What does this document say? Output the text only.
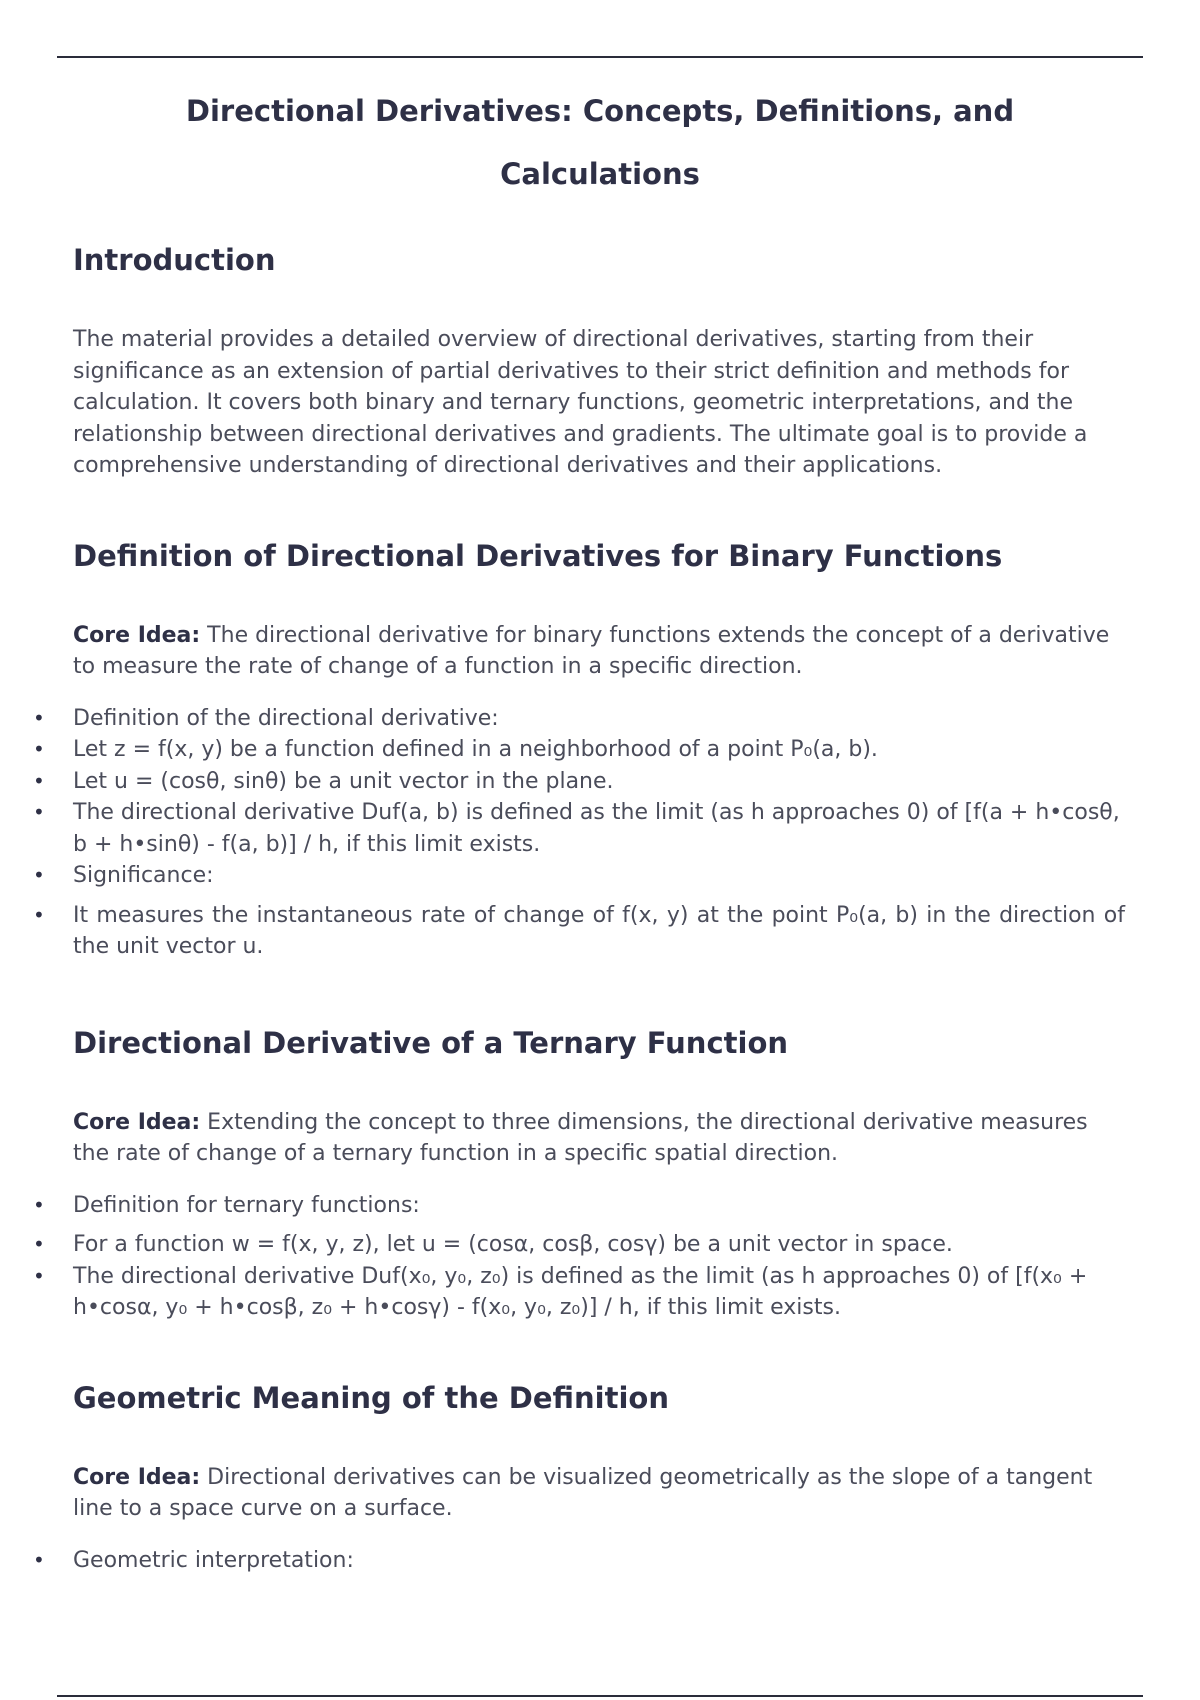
Directional Derivatives: Concepts, Definitions, and Calculations
Introduction

The material provides a detailed overview of directional derivatives, starting from their significance as an extension of partial derivatives to their strict definition and methods for calculation. It covers both binary and ternary functions, geometric interpretations, and the relationship between directional derivatives and gradients. The ultimate goal is to provide a comprehensive understanding of directional derivatives and their applications.

Definition of Directional Derivatives for Binary Functions

Core Idea: The directional derivative for binary functions extends the concept of a derivative to measure the rate of change of a function in a specific direction.

• Definition of the directional derivative:
• Let z = f(x, y) be a function defined in a neighborhood of a point P₀(a, b).
• Let u = (cosθ, sinθ) be a unit vector in the plane.
• The directional derivative Duf(a, b) is defined as the limit (as h approaches 0) of [f(a + h•cosθ, b + h•sinθ) - f(a, b)] / h, if this limit exists.
• Significance:
• It measures the instantaneous rate of change of f(x, y) at the point P₀(a, b) in the direction of the unit vector u.
Directional Derivative of a Ternary Function

Core Idea: Extending the concept to three dimensions, the directional derivative measures the rate of change of a ternary function in a specific spatial direction.

• Definition for ternary functions:
• For a function w = f(x, y, z), let u = (cosα, cosβ, cosγ) be a unit vector in space.
• The directional derivative Duf(x₀, y₀, z₀) is defined as the limit (as h approaches 0) of [f(x₀ + h•cosα, y₀ + h•cosβ, z₀ + h•cosγ) - f(x₀, y₀, z₀)] / h, if this limit exists.
Geometric Meaning of the Definition

Core Idea: Directional derivatives can be visualized geometrically as the slope of a tangent line to a space curve on a surface.

• Geometric interpretation:
